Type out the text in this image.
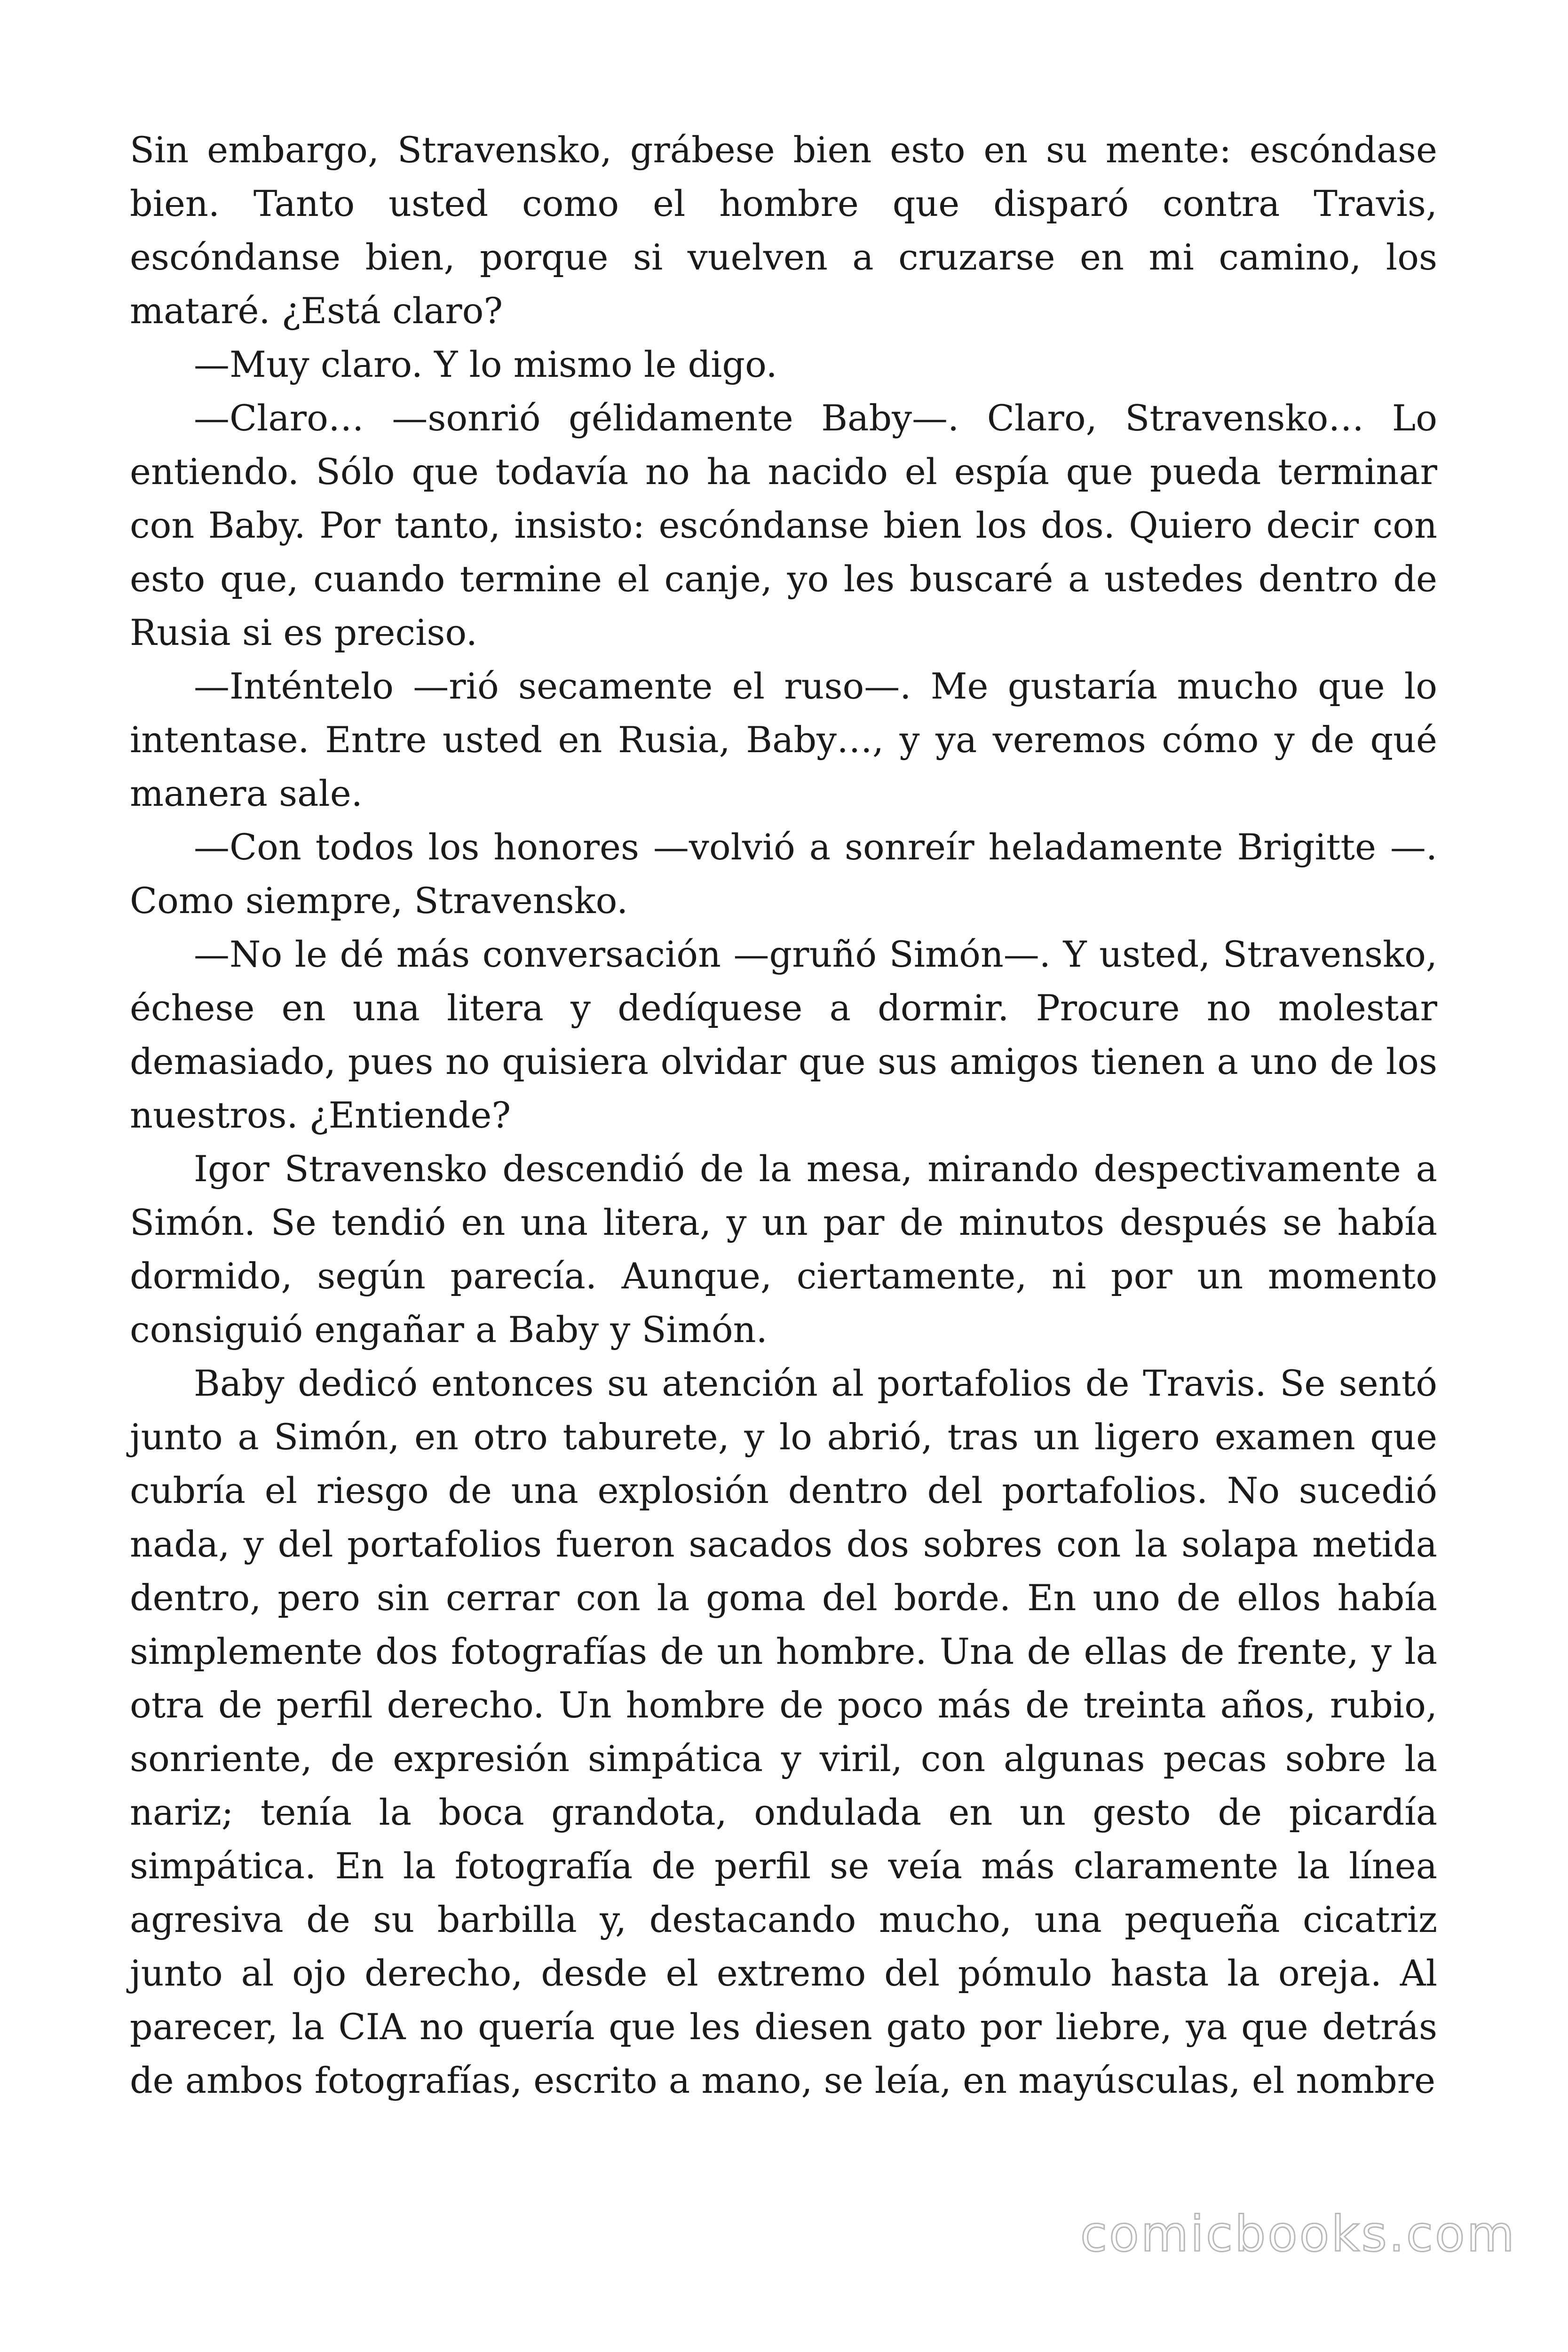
Sin embargo, Stravensko, grábese bien esto en su mente: escóndase bien. Tanto usted como el hombre que disparó contra Travis, escóndanse bien, porque si vuelven a cruzarse en mi camino, los mataré. ¿Está claro?

—Muy claro. Y lo mismo le digo.

—Claro… —sonrió gélidamente Baby—. Claro, Stravensko… Lo entiendo. Sólo que todavía no ha nacido el espía que pueda terminar con Baby. Por tanto, insisto: escóndanse bien los dos. Quiero decir con esto que, cuando termine el canje, yo les buscaré a ustedes dentro de Rusia si es preciso.

—Inténtelo —rió secamente el ruso—. Me gustaría mucho que lo intentase. Entre usted en Rusia, Baby…, y ya veremos cómo y de qué manera sale.

—Con todos los honores —volvió a sonreír heladamente Brigitte —. Como siempre, Stravensko.

—No le dé más conversación —gruñó Simón—. Y usted, Stravensko, échese en una litera y dedíquese a dormir. Procure no molestar demasiado, pues no quisiera olvidar que sus amigos tienen a uno de los nuestros. ¿Entiende?

Igor Stravensko descendió de la mesa, mirando despectivamente a Simón. Se tendió en una litera, y un par de minutos después se había dormido, según parecía. Aunque, ciertamente, ni por un momento consiguió engañar a Baby y Simón.

Baby dedicó entonces su atención al portafolios de Travis. Se sentó junto a Simón, en otro taburete, y lo abrió, tras un ligero examen que cubría el riesgo de una explosión dentro del portafolios. No sucedió nada, y del portafolios fueron sacados dos sobres con la solapa metida dentro, pero sin cerrar con la goma del borde. En uno de ellos había simplemente dos fotografías de un hombre. Una de ellas de frente, y la otra de perfil derecho. Un hombre de poco más de treinta años, rubio, sonriente, de expresión simpática y viril, con algunas pecas sobre la nariz; tenía la boca grandota, ondulada en un gesto de picardía simpática. En la fotografía de perfil se veía más claramente la línea agresiva de su barbilla y, destacando mucho, una pequeña cicatriz junto al ojo derecho, desde el extremo del pómulo hasta la oreja. Al parecer, la CIA no quería que les diesen gato por liebre, ya que detrás de ambos fotografías, escrito a mano, se leía, en mayúsculas, el nombre

comicbooks.com
